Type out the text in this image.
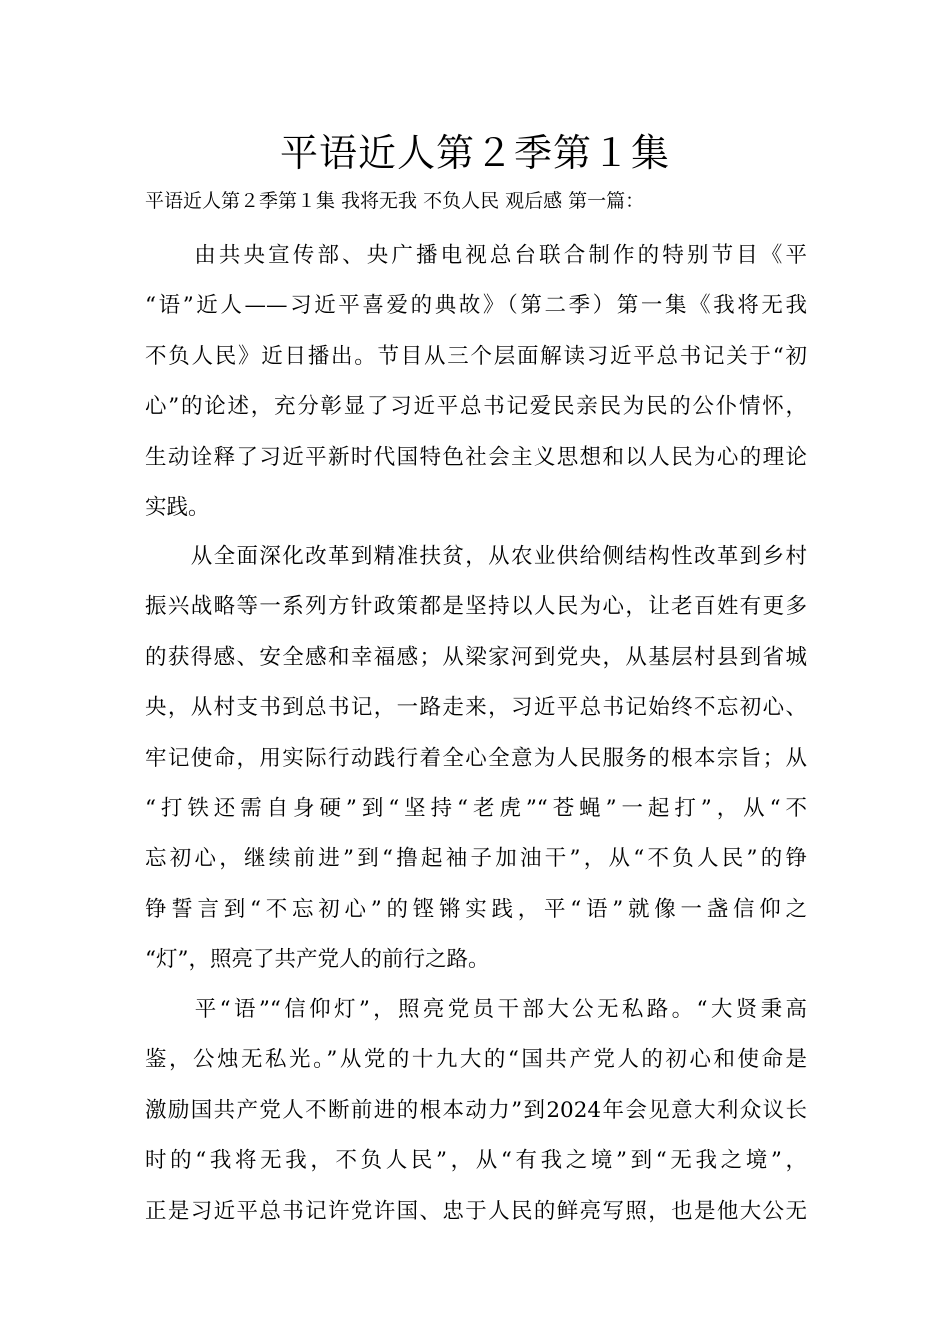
平语近人第２季第１集

平语近人第２季第１集 我将无我 不负人民 观后感 第一篇：

　　由共央宣传部、央广播电视总台联合制作的特别节目《平
“语”近人——习近平喜爱的典故》（第二季）第一集《我将无我
不负人民》近日播出。节目从三个层面解读习近平总书记关于“初
心”的论述，充分彰显了习近平总书记爱民亲民为民的公仆情怀，
生动诠释了习近平新时代国特色社会主义思想和以人民为心的理论
实践。
　　从全面深化改革到精准扶贫，从农业供给侧结构性改革到乡村
振兴战略等一系列方针政策都是坚持以人民为心，让老百姓有更多
的获得感、安全感和幸福感；从梁家河到党央，从基层村县到省城
央，从村支书到总书记，一路走来，习近平总书记始终不忘初心、
牢记使命，用实际行动践行着全心全意为人民服务的根本宗旨；从
“打铁还需自身硬”到“坚持“老虎”“苍蝇”一起打”，从“不
忘初心，继续前进”到“撸起袖子加油干”，从“不负人民”的铮
铮誓言到“不忘初心”的铿锵实践，平“语”就像一盏信仰之
“灯”，照亮了共产党人的前行之路。
　　平“语”“信仰灯”，照亮党员干部大公无私路。“大贤秉高
鉴，公烛无私光。”从党的十九大的“国共产党人的初心和使命是
激励国共产党人不断前进的根本动力”到2024年会见意大利众议长
时的“我将无我，不负人民”，从“有我之境”到“无我之境”，
正是习近平总书记许党许国、忠于人民的鲜亮写照，也是他大公无
